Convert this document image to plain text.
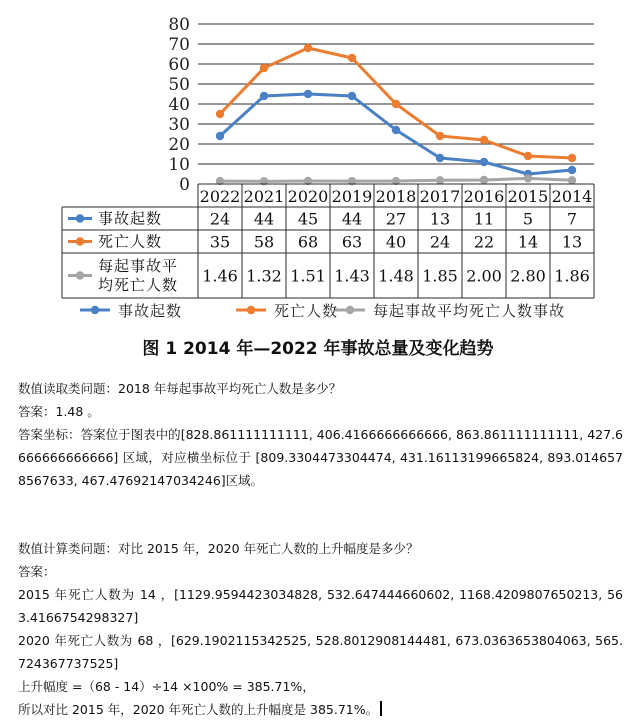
0
10
20
30
40
50
60
70
80
2022 2021 2020 2019 2018 2017 2016 2015 2014
事故起数	24 44 45 44 27 13 11 5 7
死亡人数	35 58 68 63 40 24 22 14 13
每起事故平
均死亡人数 1.46 1.32 1.51 1.43 1.48 1.85 2.00 2.80 1.86
事故起数	死亡人数 每起事故平均死亡人数事故
图 1 2014 年—2022 年事故总量及变化趋势
数值读取类问题：2018 年每起事故平均死亡人数是多少？
答案：1.48 。
答案坐标：答案位于图表中的[828.861111111111, 406.4166666666666, 863.861111111111, 427.6666666666666] 区域，对应横坐标位于 [809.3304473304474, 431.16113199665824, 893.0146578567633, 467.47692147034246]区域。
数值计算类问题：对比 2015 年，2020 年死亡人数的上升幅度是多少？
答案：
2015 年死亡人数为 14 ，[1129.9594423034828, 532.647444660602, 1168.4209807650213, 563.4166754298327]
2020 年死亡人数为 68 ，[629.1902115342525, 528.8012908144481, 673.0363653804063, 565.724367737525]
上升幅度 =（68 - 14）÷14 ×100% = 385.71%，
所以对比 2015 年，2020 年死亡人数的上升幅度是 385.71%。
